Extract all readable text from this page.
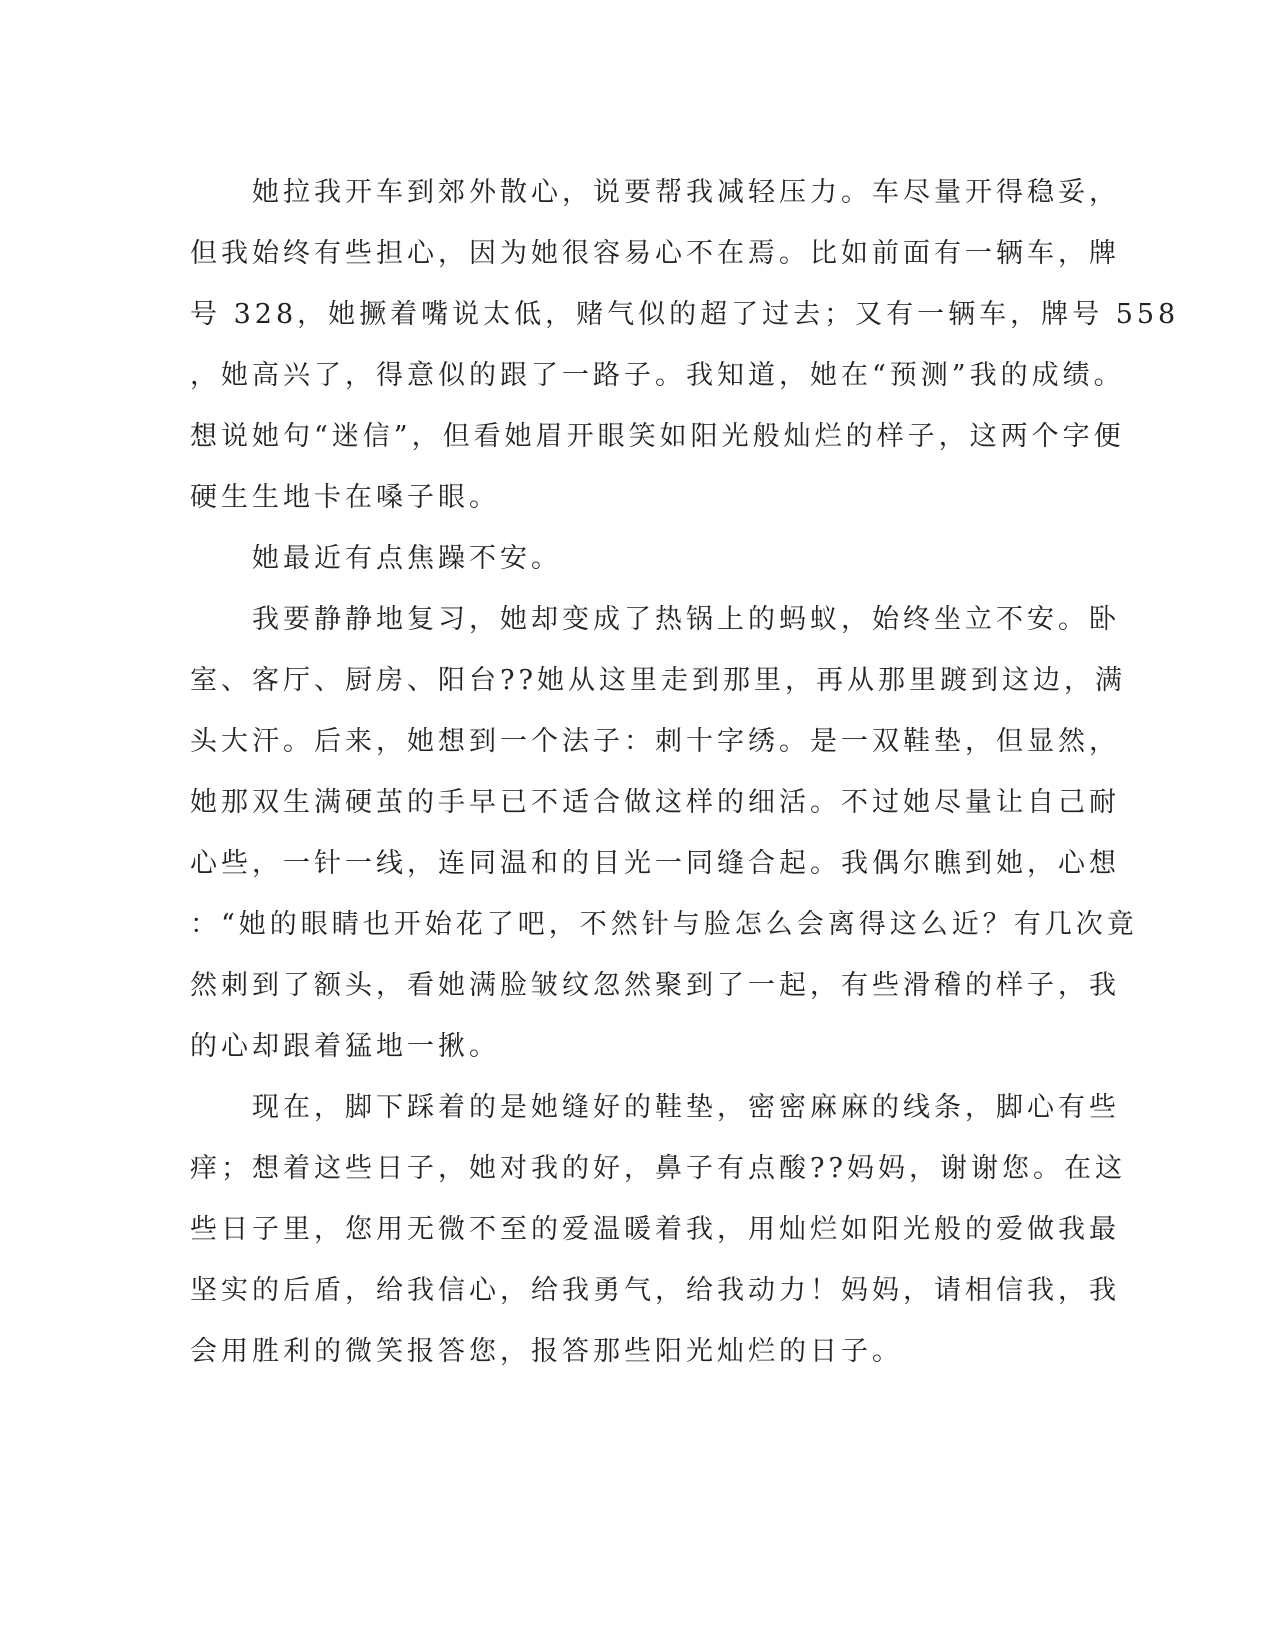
　　她拉我开车到郊外散心，说要帮我减轻压力。车尽量开得稳妥，
但我始终有些担心，因为她很容易心不在焉。比如前面有一辆车，牌
号 328，她撅着嘴说太低，赌气似的超了过去；又有一辆车，牌号 558
，她高兴了，得意似的跟了一路子。我知道，她在“预测”我的成绩。
想说她句“迷信”，但看她眉开眼笑如阳光般灿烂的样子，这两个字便
硬生生地卡在嗓子眼。
　　她最近有点焦躁不安。
　　我要静静地复习，她却变成了热锅上的蚂蚁，始终坐立不安。卧
室、客厅、厨房、阳台??她从这里走到那里，再从那里踱到这边，满
头大汗。后来，她想到一个法子：刺十字绣。是一双鞋垫，但显然，
她那双生满硬茧的手早已不适合做这样的细活。不过她尽量让自己耐
心些，一针一线，连同温和的目光一同缝合起。我偶尔瞧到她，心想
：“她的眼睛也开始花了吧，不然针与脸怎么会离得这么近？有几次竟
然刺到了额头，看她满脸皱纹忽然聚到了一起，有些滑稽的样子，我
的心却跟着猛地一揪。
　　现在，脚下踩着的是她缝好的鞋垫，密密麻麻的线条，脚心有些
痒；想着这些日子，她对我的好，鼻子有点酸??妈妈，谢谢您。在这
些日子里，您用无微不至的爱温暖着我，用灿烂如阳光般的爱做我最
坚实的后盾，给我信心，给我勇气，给我动力！妈妈，请相信我，我
会用胜利的微笑报答您，报答那些阳光灿烂的日子。
